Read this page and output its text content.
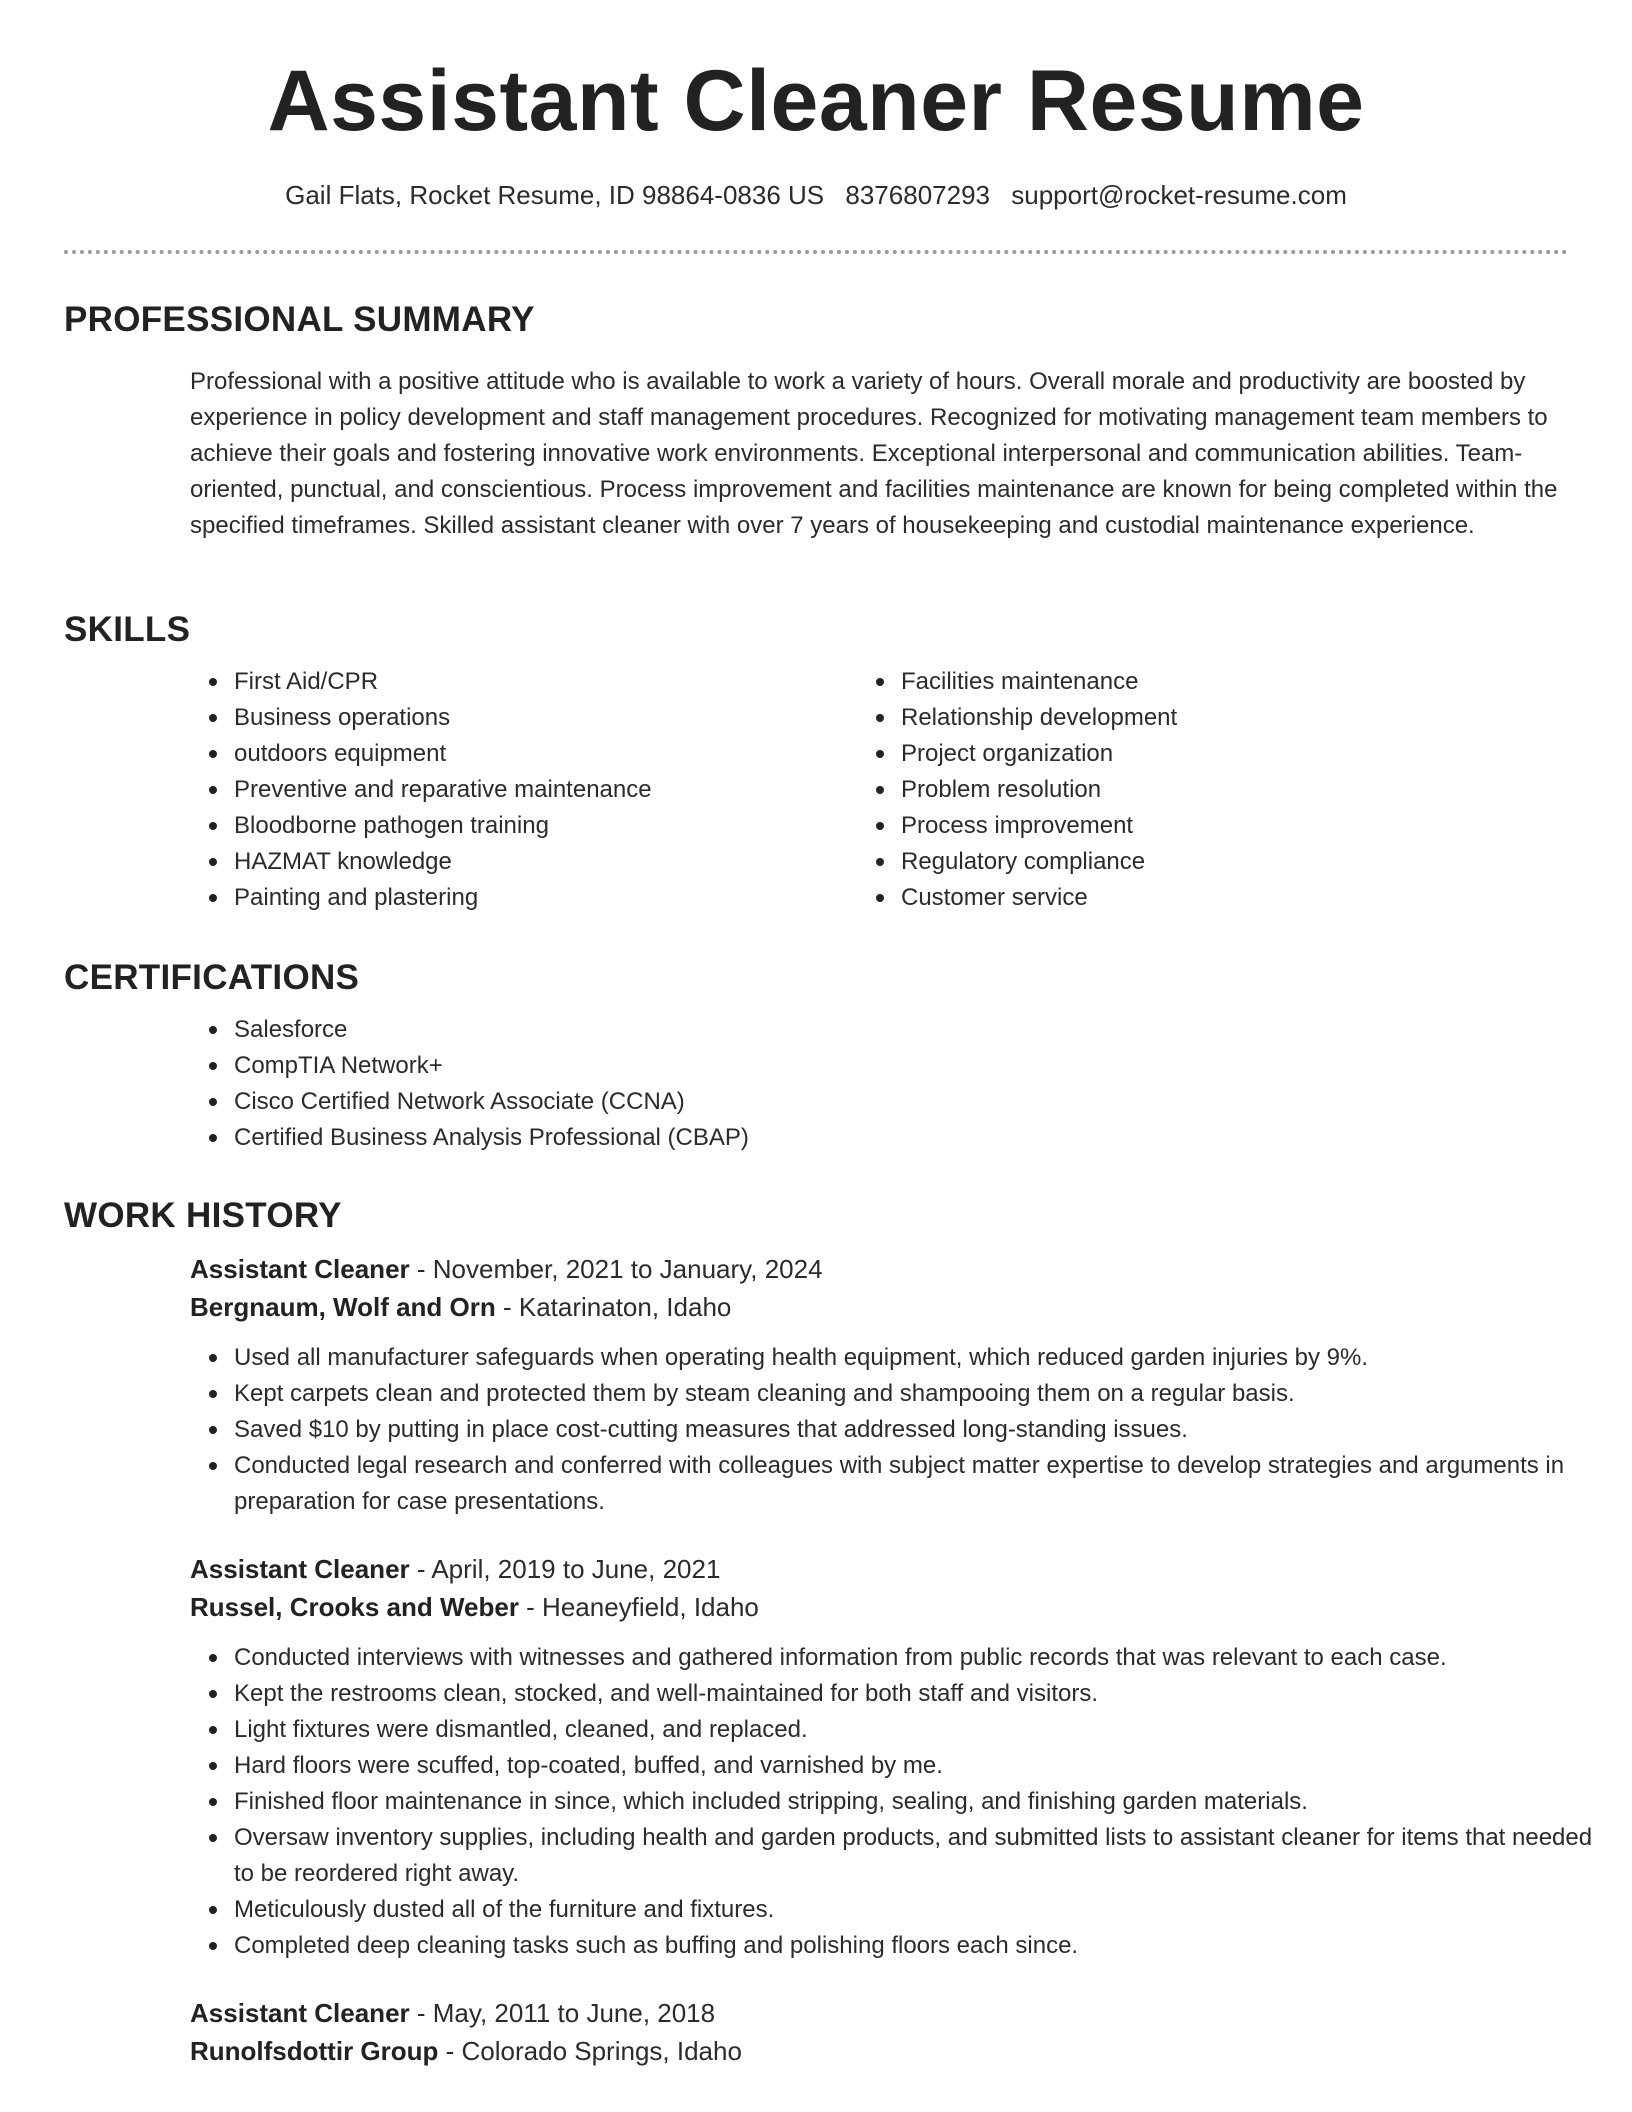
Assistant Cleaner Resume
Gail Flats, Rocket Resume, ID 98864-0836 US 8376807293 support@rocket-resume.com
PROFESSIONAL SUMMARY
Professional with a positive attitude who is available to work a variety of hours. Overall morale and productivity are boosted by experience in policy development and staff management procedures. Recognized for motivating management team members to achieve their goals and fostering innovative work environments. Exceptional interpersonal and communication abilities. Team-oriented, punctual, and conscientious. Process improvement and facilities maintenance are known for being completed within the specified timeframes. Skilled assistant cleaner with over 7 years of housekeeping and custodial maintenance experience.
SKILLS
First Aid/CPR
Business operations
outdoors equipment
Preventive and reparative maintenance
Bloodborne pathogen training
HAZMAT knowledge
Painting and plastering
Facilities maintenance
Relationship development
Project organization
Problem resolution
Process improvement
Regulatory compliance
Customer service
CERTIFICATIONS
Salesforce
CompTIA Network+
Cisco Certified Network Associate (CCNA)
Certified Business Analysis Professional (CBAP)
WORK HISTORY
Assistant Cleaner - November, 2021 to January, 2024
Bergnaum, Wolf and Orn - Katarinaton, Idaho
Used all manufacturer safeguards when operating health equipment, which reduced garden injuries by 9%.
Kept carpets clean and protected them by steam cleaning and shampooing them on a regular basis.
Saved $10 by putting in place cost-cutting measures that addressed long-standing issues.
Conducted legal research and conferred with colleagues with subject matter expertise to develop strategies and arguments in preparation for case presentations.
Assistant Cleaner - April, 2019 to June, 2021
Russel, Crooks and Weber - Heaneyfield, Idaho
Conducted interviews with witnesses and gathered information from public records that was relevant to each case.
Kept the restrooms clean, stocked, and well-maintained for both staff and visitors.
Light fixtures were dismantled, cleaned, and replaced.
Hard floors were scuffed, top-coated, buffed, and varnished by me.
Finished floor maintenance in since, which included stripping, sealing, and finishing garden materials.
Oversaw inventory supplies, including health and garden products, and submitted lists to assistant cleaner for items that needed to be reordered right away.
Meticulously dusted all of the furniture and fixtures.
Completed deep cleaning tasks such as buffing and polishing floors each since.
Assistant Cleaner - May, 2011 to June, 2018
Runolfsdottir Group - Colorado Springs, Idaho
